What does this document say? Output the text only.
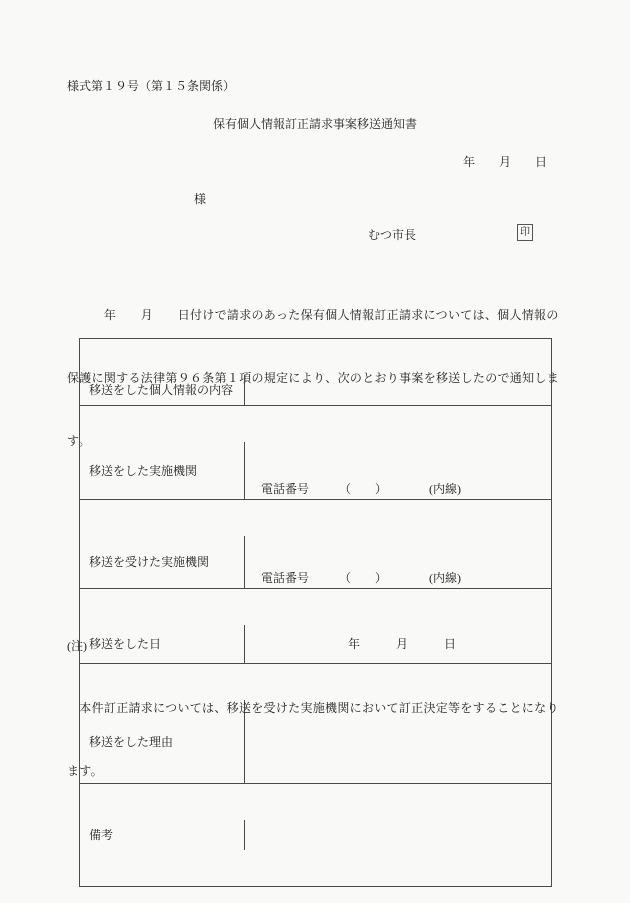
様式第１９号（第１５条関係）
保有個人情報訂正請求事案移送通知書
年　　月　　日
様
むつ市長	印

　　　年　　月　　日付けで請求のあった保有個人情報訂正請求については、個人情報の

保護に関する法律第９６条第１項の規定により、次のとおり事案を移送したので通知しま

す。

移送をした個人情報の内容

移送をした実施機関

電話番号　　　（　　）　　　　(内線)

移送を受けた実施機関

電話番号　　　（　　）　　　　(内線)

移送をした日

	年　　　月　　　日

移送をした理由

備考

(注)

　本件訂正請求については、移送を受けた実施機関において訂正決定等をすることになり

ます。
